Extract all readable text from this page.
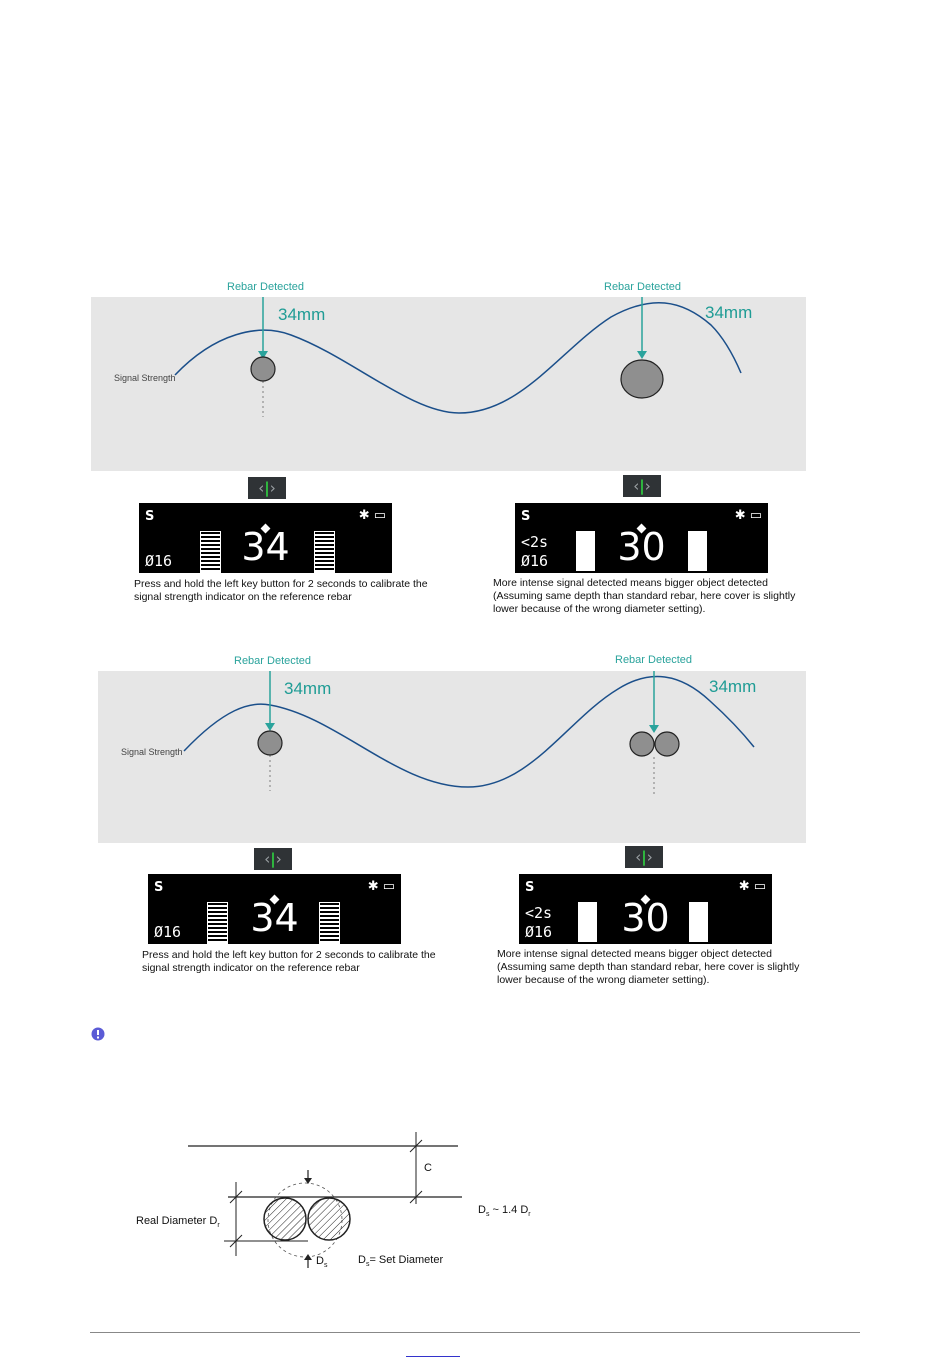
34mm	34mm
Signal Strength
Rebar Detected	Rebar Detected
‹|›	‹|›
S	✱ ▭
34
Ø16
S	✱ ▭
<2s	30
Ø16
Press and hold the left key button for 2 seconds to calibrate the signal strength indicator on the reference rebar
More intense signal detected means bigger object detected (Assuming same depth than standard rebar, here cover is slightly lower because of the wrong diameter setting).
34mm	34mm
Signal Strength
Rebar Detected	Rebar Detected
‹|›	‹|›
S	✱ ▭
34
Ø16
S	✱ ▭
<2s	30
Ø16
Press and hold the left key button for 2 seconds to calibrate the signal strength indicator on the reference rebar
More intense signal detected means bigger object detected (Assuming same depth than standard rebar, here cover is slightly lower because of the wrong diameter setting).
C
Real Diameter $D_r$
$D_s$ ~ 1.4 $D_r$
$D_s$	$D_s=$ Set Diameter
